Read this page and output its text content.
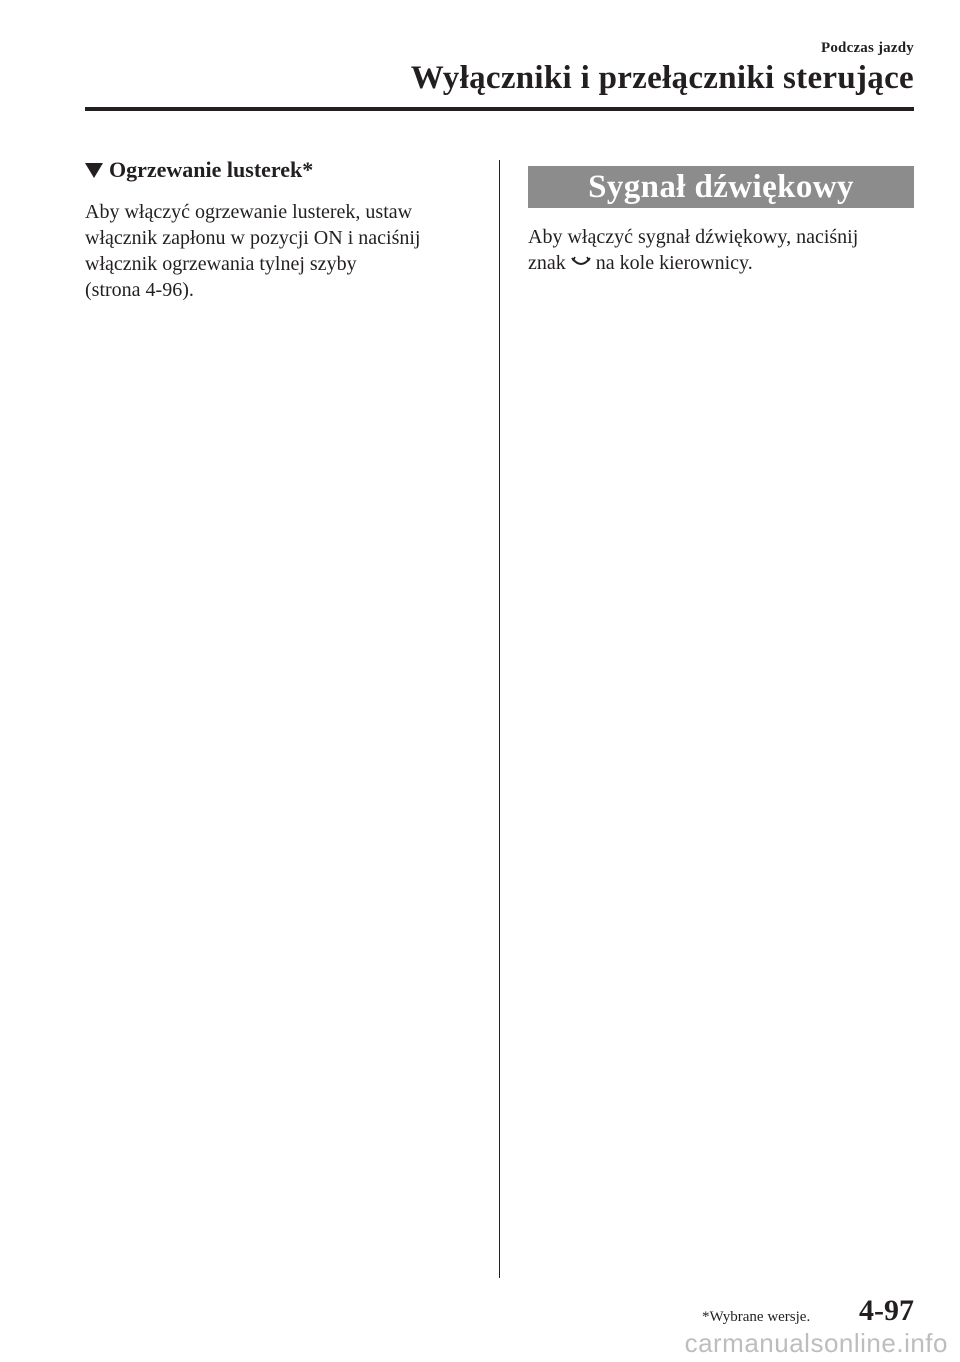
Podczas jazdy
Wyłączniki i przełączniki sterujące
Ogrzewanie lusterek*

Aby włączyć ogrzewanie lusterek, ustaw
włącznik zapłonu w pozycji ON i naciśnij
włącznik ogrzewania tylnej szyby
(strona 4-96).

Sygnał dźwiękowy

Aby włączyć sygnał dźwiękowy, naciśnij
znak na kole kierownicy.

*Wybrane wersje. 4-97
carmanualsonline.info
